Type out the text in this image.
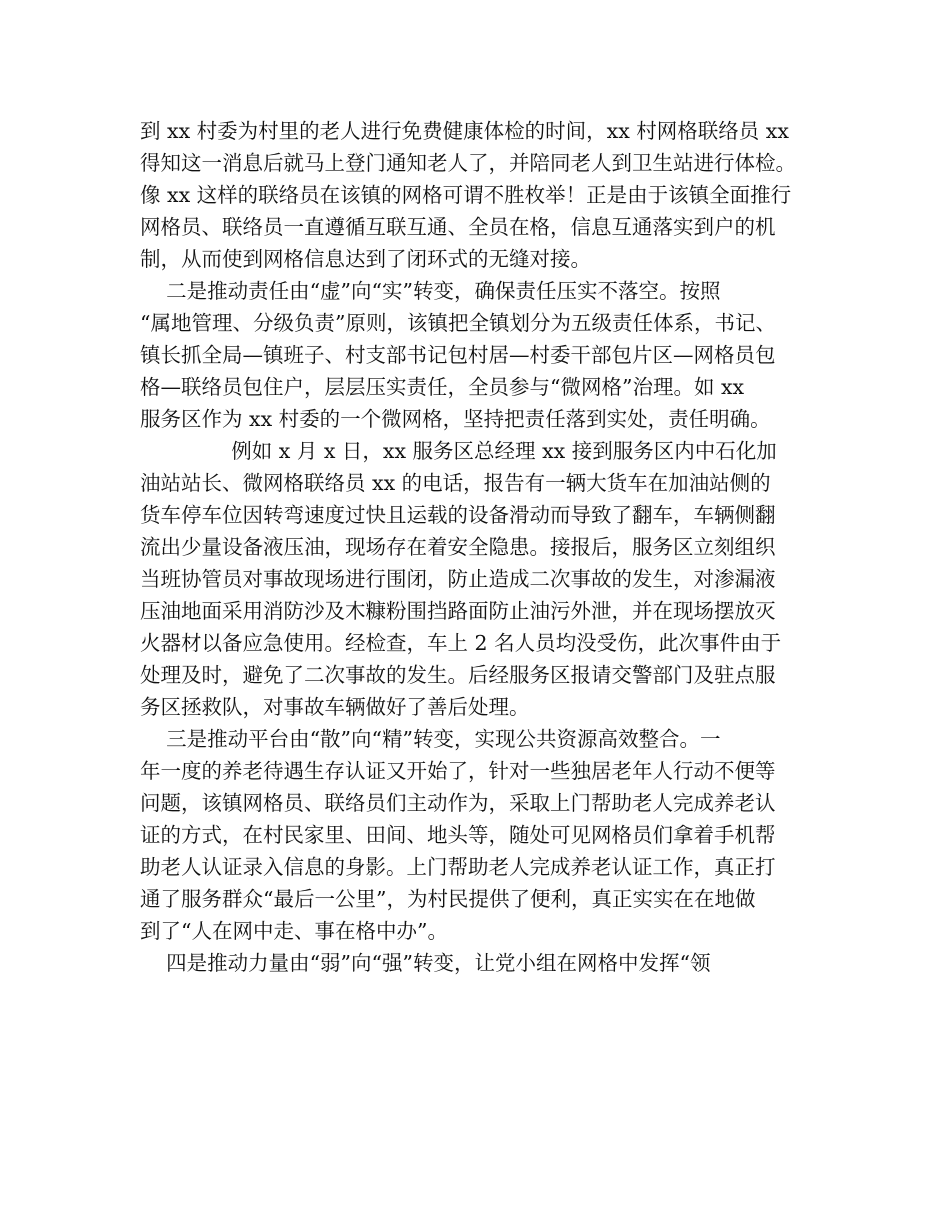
到 xx 村委为村里的老人进行免费健康体检的时间，xx 村网格联络员 xx
得知这一消息后就马上登门通知老人了，并陪同老人到卫生站进行体检。
像 xx 这样的联络员在该镇的网格可谓不胜枚举！正是由于该镇全面推行
网格员、联络员一直遵循互联互通、全员在格，信息互通落实到户的机
制，从而使到网格信息达到了闭环式的无缝对接。
二是推动责任由“虚”向“实”转变，确保责任压实不落空。按照
“属地管理、分级负责”原则，该镇把全镇划分为五级责任体系，书记、
镇长抓全局—镇班子、村支部书记包村居—村委干部包片区—网格员包
格—联络员包住户，层层压实责任，全员参与“微网格”治理。如 xx
服务区作为 xx 村委的一个微网格，坚持把责任落到实处，责任明确。
例如 x 月 x 日，xx 服务区总经理 xx 接到服务区内中石化加
油站站长、微网格联络员 xx 的电话，报告有一辆大货车在加油站侧的
货车停车位因转弯速度过快且运载的设备滑动而导致了翻车，车辆侧翻
流出少量设备液压油，现场存在着安全隐患。接报后，服务区立刻组织
当班协管员对事故现场进行围闭，防止造成二次事故的发生，对渗漏液
压油地面采用消防沙及木糠粉围挡路面防止油污外泄，并在现场摆放灭
火器材以备应急使用。经检查，车上 2 名人员均没受伤，此次事件由于
处理及时，避免了二次事故的发生。后经服务区报请交警部门及驻点服
务区拯救队，对事故车辆做好了善后处理。
三是推动平台由“散”向“精”转变，实现公共资源高效整合。一
年一度的养老待遇生存认证又开始了，针对一些独居老年人行动不便等
问题，该镇网格员、联络员们主动作为，采取上门帮助老人完成养老认
证的方式，在村民家里、田间、地头等，随处可见网格员们拿着手机帮
助老人认证录入信息的身影。上门帮助老人完成养老认证工作，真正打
通了服务群众“最后一公里”，为村民提供了便利，真正实实在在地做
到了“人在网中走、事在格中办”。
四是推动力量由“弱”向“强”转变，让党小组在网格中发挥“领
